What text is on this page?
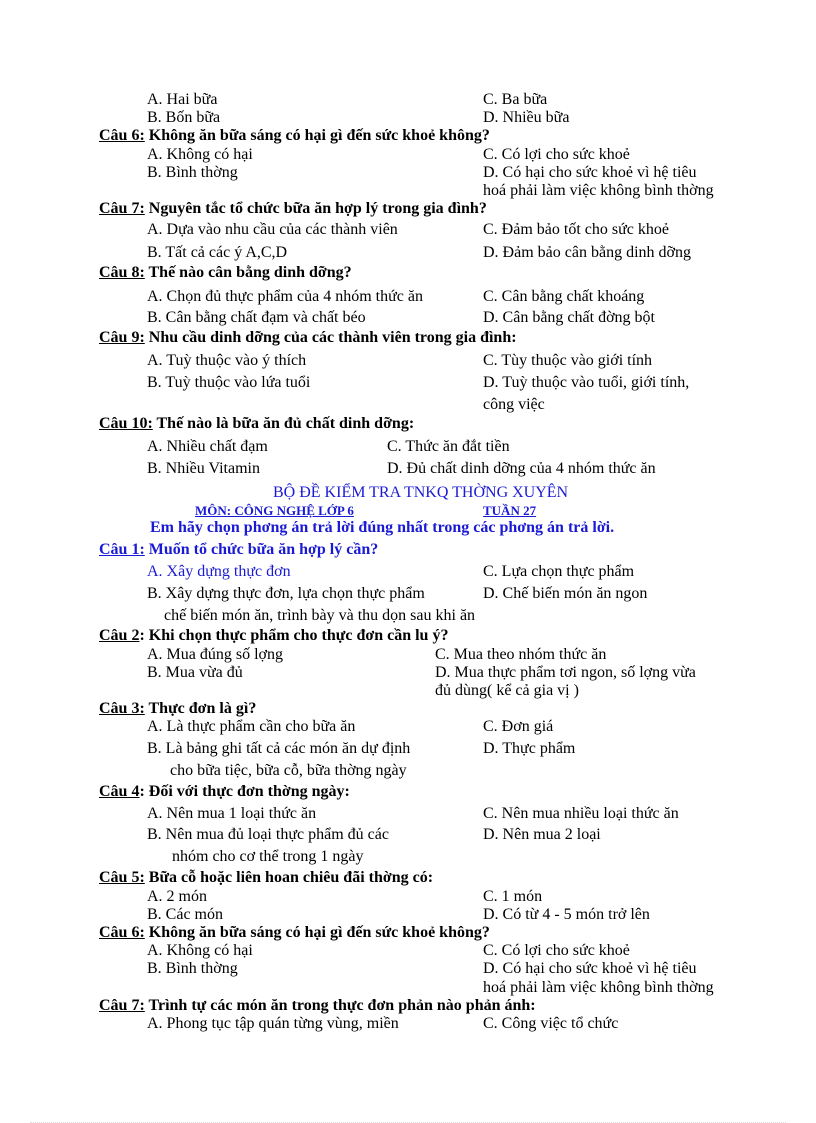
A. Hai bữa	C. Ba bữa
B. Bốn bữa	D. Nhiều bữa
Câu 6: Không ăn bữa sáng có hại gì đến sức khoẻ không?
A. Không có hại	C. Có lợi cho sức khoẻ
B. Bình thờng	D. Có hại cho sức khoẻ vì hệ tiêu
hoá phải làm việc không bình thờng
Câu 7: Nguyên tắc tổ chức bữa ăn hợp lý trong gia đình?
A. Dựa vào nhu cầu của các thành viên	C. Đảm bảo tốt cho sức khoẻ
B. Tất cả các ý A,C,D	D. Đảm bảo cân bằng dinh dỡng
Câu 8: Thế nào cân bằng dinh dỡng?
A. Chọn đủ thực phẩm của 4 nhóm thức ăn	C. Cân bằng chất khoáng
B. Cân bằng chất đạm và chất béo	D. Cân bằng chất đờng bột
Câu 9: Nhu cầu dinh dỡng của các thành viên trong gia đình:
A. Tuỳ thuộc vào ý thích	C. Tùy thuộc vào giới tính
B. Tuỳ thuộc vào lứa tuổi	D. Tuỳ thuộc vào tuổi, giới tính,
công việc
Câu 10: Thế nào là bữa ăn đủ chất dinh dỡng:
A. Nhiều chất đạm	C. Thức ăn đắt tiền
B. Nhiều Vitamin	D. Đủ chất dinh dỡng của 4 nhóm thức ăn
BỘ ĐỀ KIỂM TRA TNKQ THỜNG XUYÊN
MÔN: CÔNG NGHỆ LỚP 6	TUẦN 27
Em hãy chọn phơng án trả lời đúng nhất trong các phơng án trả lời.
Câu 1: Muốn tổ chức bữa ăn hợp lý cần?
A. Xây dựng thực đơn	C. Lựa chọn thực phẩm
B. Xây dựng thực đơn, lựa chọn thực phẩm	D. Chế biến món ăn ngon
chế biến món ăn, trình bày và thu dọn sau khi ăn
Câu 2: Khi chọn thực phẩm cho thực đơn cần lu ý?
A. Mua đúng số lợng	C. Mua theo nhóm thức ăn
B. Mua vừa đủ	D. Mua thực phẩm tơi ngon, số lợng vừa
đủ dùng( kể cả gia vị )
Câu 3: Thực đơn là gì?
A. Là thực phẩm cần cho bữa ăn	C. Đơn giá
B. Là bảng ghi tất cả các món ăn dự định	D. Thực phẩm
cho bữa tiệc, bữa cỗ, bữa thờng ngày
Câu 4: Đối với thực đơn thờng ngày:
A. Nên mua 1 loại thức ăn	C. Nên mua nhiều loại thức ăn
B. Nên mua đủ loại thực phẩm đủ các	D. Nên mua 2 loại
nhóm cho cơ thể trong 1 ngày
Câu 5: Bữa cỗ hoặc liên hoan chiêu đãi thờng có:
A. 2 món	C. 1 món
B. Các món	D. Có từ 4 - 5 món trở lên
Câu 6: Không ăn bữa sáng có hại gì đến sức khoẻ không?
A. Không có hại	C. Có lợi cho sức khoẻ
B. Bình thờng	D. Có hại cho sức khoẻ vì hệ tiêu
hoá phải làm việc không bình thờng
Câu 7: Trình tự các món ăn trong thực đơn phản nào phản ánh:
A. Phong tục tập quán từng vùng, miền	C. Công việc tổ chức
